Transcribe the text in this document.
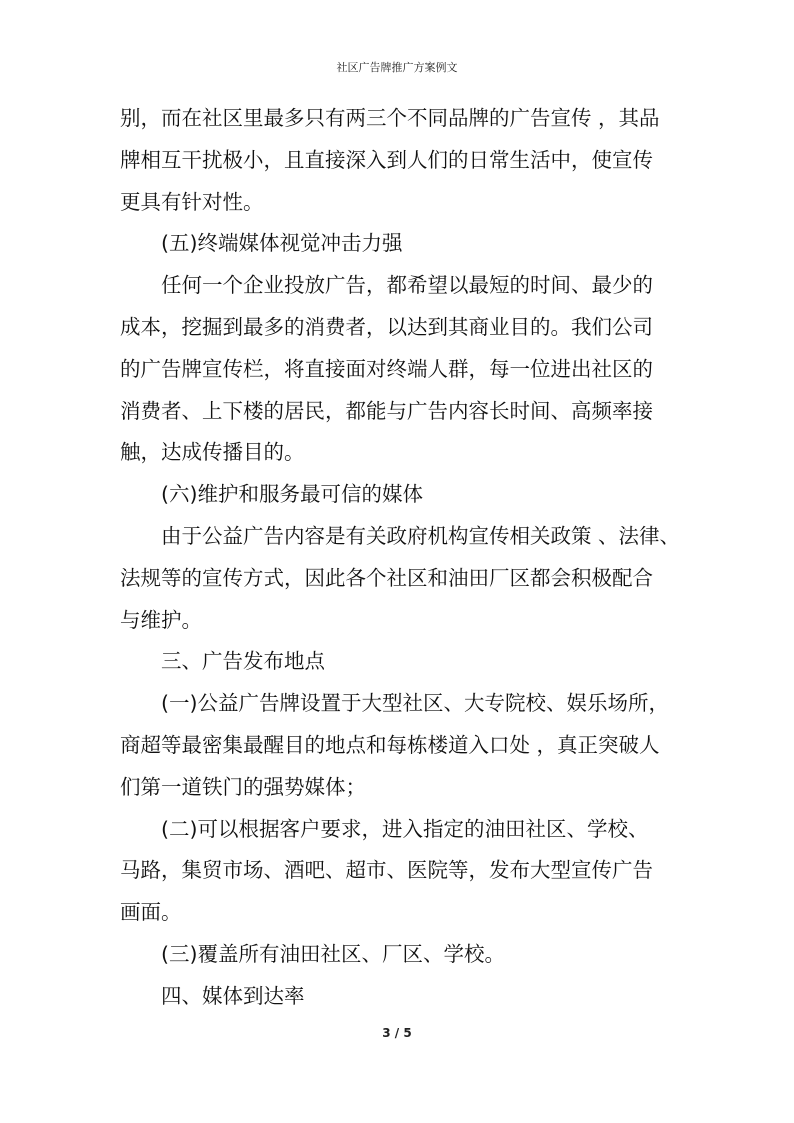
社区广告牌推广方案例文
别，而在社区里最多只有两三个不同品牌的广告宣传 ，其品
牌相互干扰极小，且直接深入到人们的日常生活中，使宣传
更具有针对性。
(五)终端媒体视觉冲击力强
任何一个企业投放广告，都希望以最短的时间、最少的
成本，挖掘到最多的消费者，以达到其商业目的。我们公司
的广告牌宣传栏，将直接面对终端人群，每一位进出社区的
消费者、上下楼的居民，都能与广告内容长时间、高频率接
触，达成传播目的。
(六)维护和服务最可信的媒体
由于公益广告内容是有关政府机构宣传相关政策 、法律、
法规等的宣传方式，因此各个社区和油田厂区都会积极配合
与维护。
三、广告发布地点
(一)公益广告牌设置于大型社区、大专院校、娱乐场所，
商超等最密集最醒目的地点和每栋楼道入口处 ，真正突破人
们第一道铁门的强势媒体；
(二)可以根据客户要求，进入指定的油田社区、学校、
马路，集贸市场、酒吧、超市、医院等，发布大型宣传广告
画面。
(三)覆盖所有油田社区、厂区、学校。
四、媒体到达率
3 / 5
